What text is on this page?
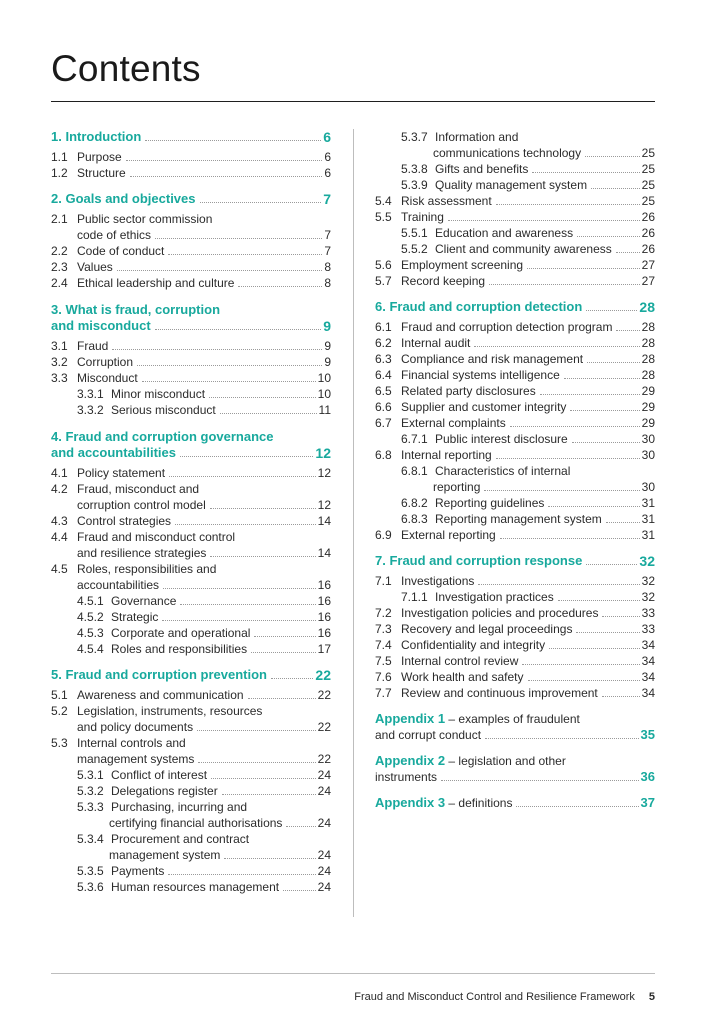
Contents
1. Introduction	6
1.1 Purpose	6
1.2 Structure	6
2. Goals and objectives	7
2.1 Public sector commission
code of ethics	7
2.2 Code of conduct	7
2.3 Values	8
2.4 Ethical leadership and culture	8
3. What is fraud, corruption
and misconduct	9
3.1 Fraud	9
3.2 Corruption	9
3.3 Misconduct	10
3.3.1 Minor misconduct	10
3.3.2 Serious misconduct	11
4. Fraud and corruption governance
and accountabilities	12
4.1 Policy statement	12
4.2 Fraud, misconduct and
corruption control model	12
4.3 Control strategies	14
4.4 Fraud and misconduct control
and resilience strategies	14
4.5 Roles, responsibilities and
accountabilities	16
4.5.1 Governance	16
4.5.2 Strategic	16
4.5.3 Corporate and operational	16
4.5.4 Roles and responsibilities	17
5. Fraud and corruption prevention	22
5.1 Awareness and communication	22
5.2 Legislation, instruments, resources
and policy documents	22
5.3 Internal controls and
management systems	22
5.3.1 Conflict of interest	24
5.3.2 Delegations register	24
5.3.3 Purchasing, incurring and
certifying financial authorisations	24
5.3.4 Procurement and contract
management system	24
5.3.5 Payments	24
5.3.6 Human resources management	24
5.3.7 Information and
communications technology	25
5.3.8 Gifts and benefits	25
5.3.9 Quality management system	25
5.4 Risk assessment	25
5.5 Training	26
5.5.1 Education and awareness	26
5.5.2 Client and community awareness 26
5.6 Employment screening	27
5.7 Record keeping	27
6. Fraud and corruption detection	28
6.1 Fraud and corruption detection program 28
6.2 Internal audit	28
6.3 Compliance and risk management	28
6.4 Financial systems intelligence	28
6.5 Related party disclosures	29
6.6 Supplier and customer integrity	29
6.7 External complaints	29
6.7.1 Public interest disclosure	30
6.8 Internal reporting	30
6.8.1 Characteristics of internal
reporting	30
6.8.2 Reporting guidelines	31
6.8.3 Reporting management system	31
6.9 External reporting	31
7. Fraud and corruption response	32
7.1 Investigations	32
7.1.1 Investigation practices	32
7.2 Investigation policies and procedures	33
7.3 Recovery and legal proceedings	33
7.4 Confidentiality and integrity	34
7.5 Internal control review	34
7.6 Work health and safety	34
7.7 Review and continuous improvement	34
Appendix 1 – examples of fraudulent
and corrupt conduct	35
Appendix 2 – legislation and other
instruments	36
Appendix 3 – definitions	37
Fraud and Misconduct Control and Resilience Framework 5
